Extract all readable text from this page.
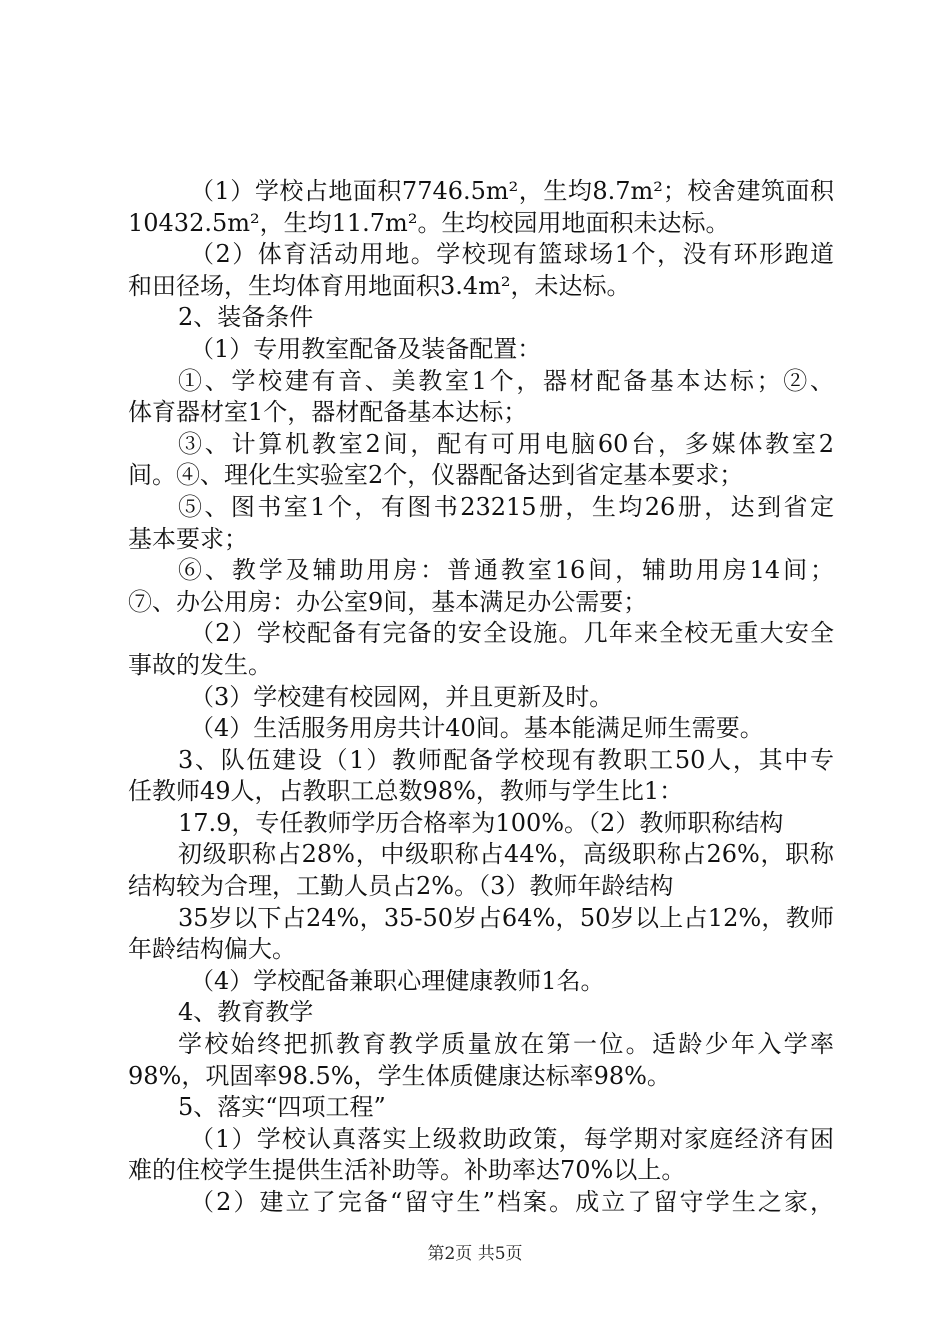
（1）学校占地面积7746.5m²，生均8.7m²；校舍建筑面积
10432.5m²，生均11.7m²。生均校园用地面积未达标。
（2）体育活动用地。学校现有篮球场1个，没有环形跑道
和田径场，生均体育用地面积3.4m²，未达标。
2、装备条件
（1）专用教室配备及装备配置：
①、学校建有音、美教室1个，器材配备基本达标；②、
体育器材室1个，器材配备基本达标；
③、计算机教室2间，配有可用电脑60台，多媒体教室2
间。④、理化生实验室2个，仪器配备达到省定基本要求；
⑤、图书室1个，有图书23215册，生均26册，达到省定
基本要求；
⑥、教学及辅助用房：普通教室16间，辅助用房14间；
⑦、办公用房：办公室9间，基本满足办公需要；
（2）学校配备有完备的安全设施。几年来全校无重大安全
事故的发生。
（3）学校建有校园网，并且更新及时。
（4）生活服务用房共计40间。基本能满足师生需要。
3、队伍建设（1）教师配备学校现有教职工50人，其中专
任教师49人，占教职工总数98%，教师与学生比1：
17.9，专任教师学历合格率为100%。（2）教师职称结构
初级职称占28%，中级职称占44%，高级职称占26%，职称
结构较为合理，工勤人员占2%。（3）教师年龄结构
35岁以下占24%，35-50岁占64%，50岁以上占12%，教师
年龄结构偏大。
（4）学校配备兼职心理健康教师1名。
4、教育教学
学校始终把抓教育教学质量放在第一位。适龄少年入学率
98%，巩固率98.5%，学生体质健康达标率98%。
5、落实“四项工程”
（1）学校认真落实上级救助政策，每学期对家庭经济有困
难的住校学生提供生活补助等。补助率达70%以上。
（2）建立了完备“留守生”档案。成立了留守学生之家，
第2页 共5页
